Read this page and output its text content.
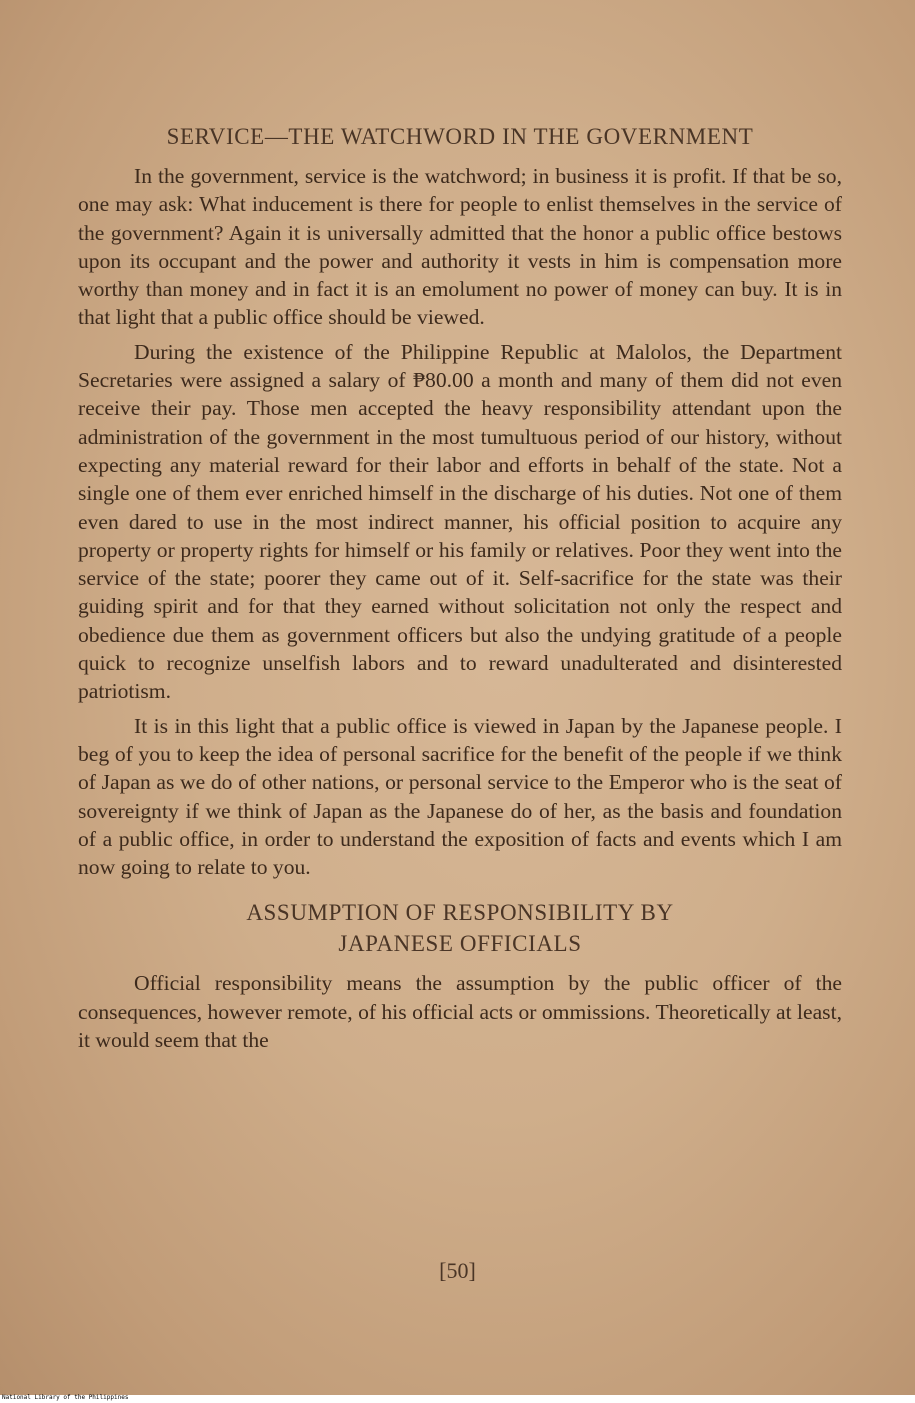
SERVICE—THE WATCHWORD IN THE GOVERNMENT

In the government, service is the watchword; in business it is profit. If that be so, one may ask: What inducement is there for people to enlist themselves in the service of the government? Again it is universally admitted that the honor a public office bestows upon its occupant and the power and authority it vests in him is compensation more worthy than money and in fact it is an emolument no power of money can buy. It is in that light that a public office should be viewed.

During the existence of the Philippine Republic at Malolos, the Department Secretaries were assigned a salary of ₱80.00 a month and many of them did not even receive their pay. Those men accepted the heavy responsibility attendant upon the administration of the government in the most tumultuous period of our history, without expecting any material reward for their labor and efforts in behalf of the state. Not a single one of them ever enriched himself in the discharge of his duties. Not one of them even dared to use in the most indirect manner, his official position to acquire any property or property rights for himself or his family or relatives. Poor they went into the service of the state; poorer they came out of it. Self-sacrifice for the state was their guiding spirit and for that they earned without solicitation not only the respect and obedience due them as government officers but also the undying gratitude of a people quick to recognize unselfish labors and to reward unadulterated and disinterested patriotism.

It is in this light that a public office is viewed in Japan by the Japanese people. I beg of you to keep the idea of personal sacrifice for the benefit of the people if we think of Japan as we do of other nations, or personal service to the Emperor who is the seat of sovereignty if we think of Japan as the Japanese do of her, as the basis and foundation of a public office, in order to understand the exposition of facts and events which I am now going to relate to you.

ASSUMPTION OF RESPONSIBILITY BY
JAPANESE OFFICIALS

Official responsibility means the assumption by the public officer of the consequences, however remote, of his official acts or ommissions. Theoretically at least, it would seem that the

[50]
National Library of the Philippines
